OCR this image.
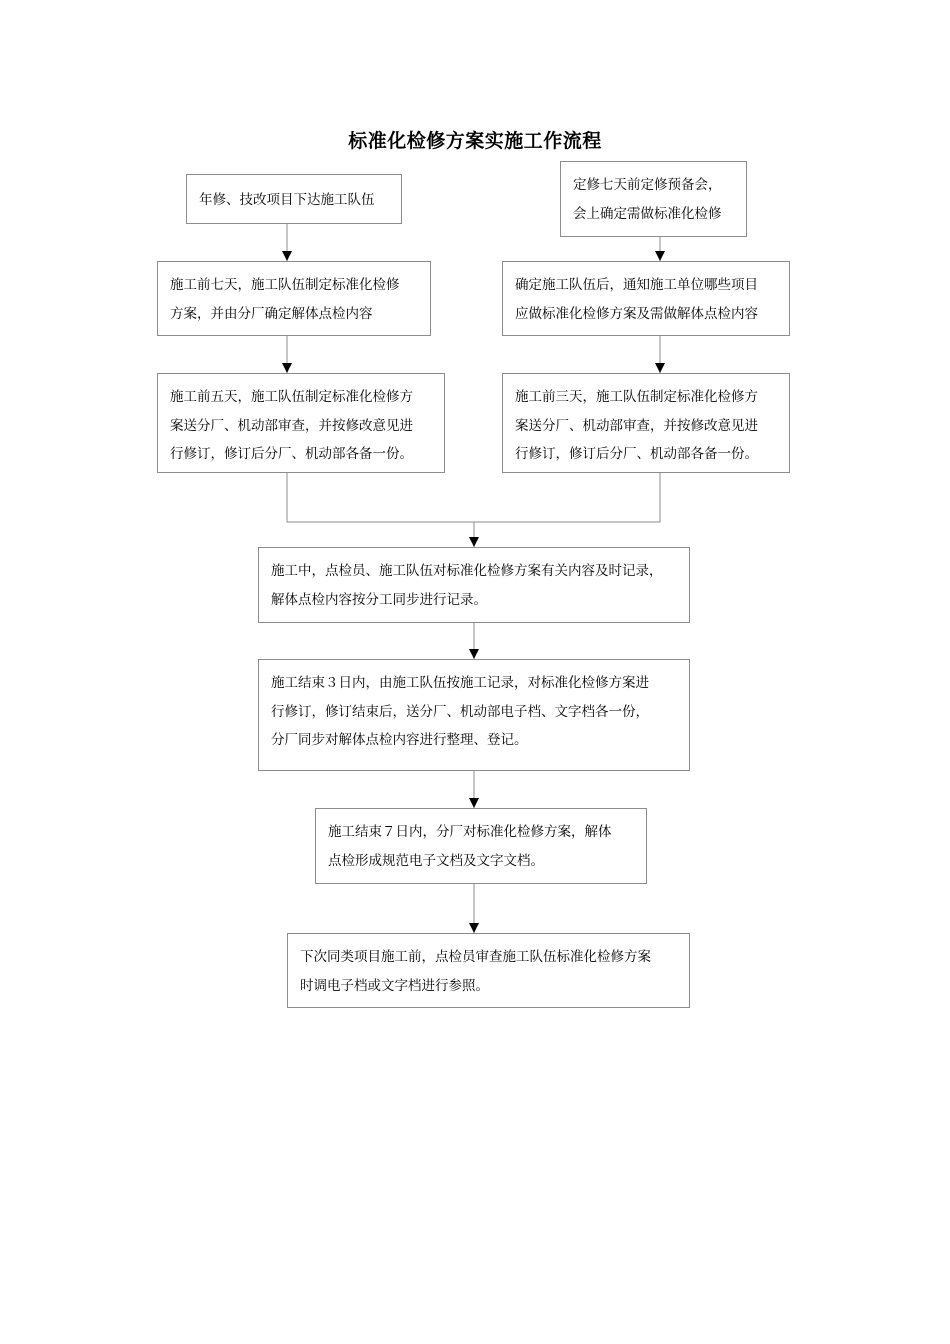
标准化检修方案实施工作流程
年修、技改项目下达施工队伍
定修七天前定修预备会，
会上确定需做标准化检修
施工前七天，施工队伍制定标准化检修
方案，并由分厂确定解体点检内容
确定施工队伍后，通知施工单位哪些项目
应做标准化检修方案及需做解体点检内容
施工前五天，施工队伍制定标准化检修方
案送分厂、机动部审查，并按修改意见进
行修订，修订后分厂、机动部各备一份。
施工前三天，施工队伍制定标准化检修方
案送分厂、机动部审查，并按修改意见进
行修订，修订后分厂、机动部各备一份。
施工中，点检员、施工队伍对标准化检修方案有关内容及时记录，
解体点检内容按分工同步进行记录。
施工结束３日内，由施工队伍按施工记录，对标准化检修方案进
行修订，修订结束后，送分厂、机动部电子档、文字档各一份，
分厂同步对解体点检内容进行整理、登记。
施工结束７日内，分厂对标准化检修方案，解体
点检形成规范电子文档及文字文档。
下次同类项目施工前，点检员审查施工队伍标准化检修方案
时调电子档或文字档进行参照。
